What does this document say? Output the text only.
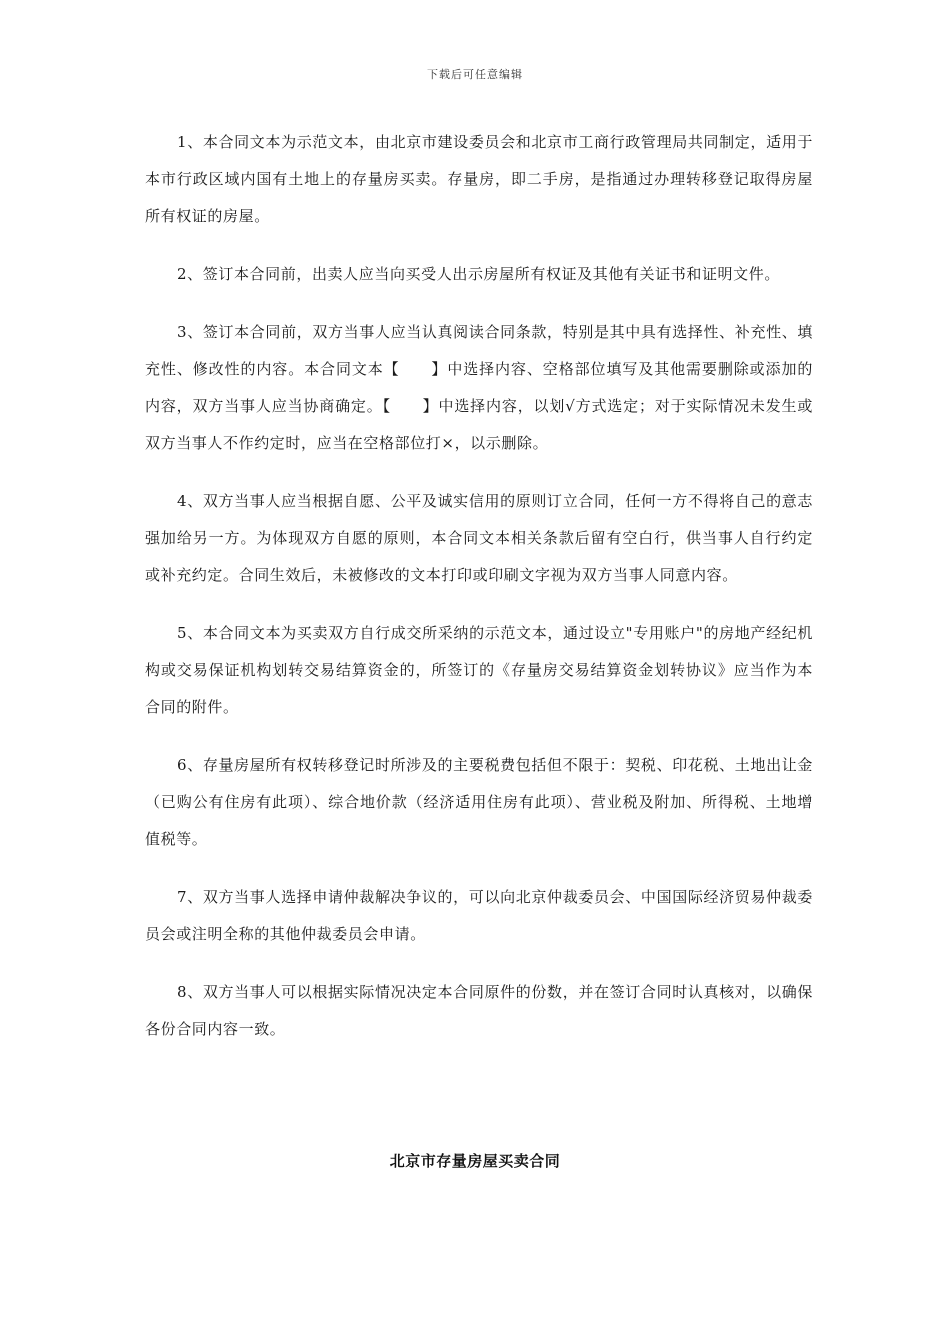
下载后可任意编辑

1、本合同文本为示范文本，由北京市建设委员会和北京市工商行政管理局共同制定，适用于本市行政区域内国有土地上的存量房买卖。存量房，即二手房，是指通过办理转移登记取得房屋所有权证的房屋。

2、签订本合同前，出卖人应当向买受人出示房屋所有权证及其他有关证书和证明文件。

3、签订本合同前，双方当事人应当认真阅读合同条款，特别是其中具有选择性、补充性、填充性、修改性的内容。本合同文本【　　】中选择内容、空格部位填写及其他需要删除或添加的内容，双方当事人应当协商确定。【　　】中选择内容，以划√方式选定；对于实际情况未发生或双方当事人不作约定时，应当在空格部位打×，以示删除。

4、双方当事人应当根据自愿、公平及诚实信用的原则订立合同，任何一方不得将自己的意志强加给另一方。为体现双方自愿的原则，本合同文本相关条款后留有空白行，供当事人自行约定或补充约定。合同生效后，未被修改的文本打印或印刷文字视为双方当事人同意内容。

5、本合同文本为买卖双方自行成交所采纳的示范文本，通过设立"专用账户"的房地产经纪机构或交易保证机构划转交易结算资金的，所签订的《存量房交易结算资金划转协议》应当作为本合同的附件。

6、存量房屋所有权转移登记时所涉及的主要税费包括但不限于：契税、印花税、土地出让金（已购公有住房有此项）、综合地价款（经济适用住房有此项）、营业税及附加、所得税、土地增值税等。

7、双方当事人选择申请仲裁解决争议的，可以向北京仲裁委员会、中国国际经济贸易仲裁委员会或注明全称的其他仲裁委员会申请。

8、双方当事人可以根据实际情况决定本合同原件的份数，并在签订合同时认真核对，以确保各份合同内容一致。

北京市存量房屋买卖合同
